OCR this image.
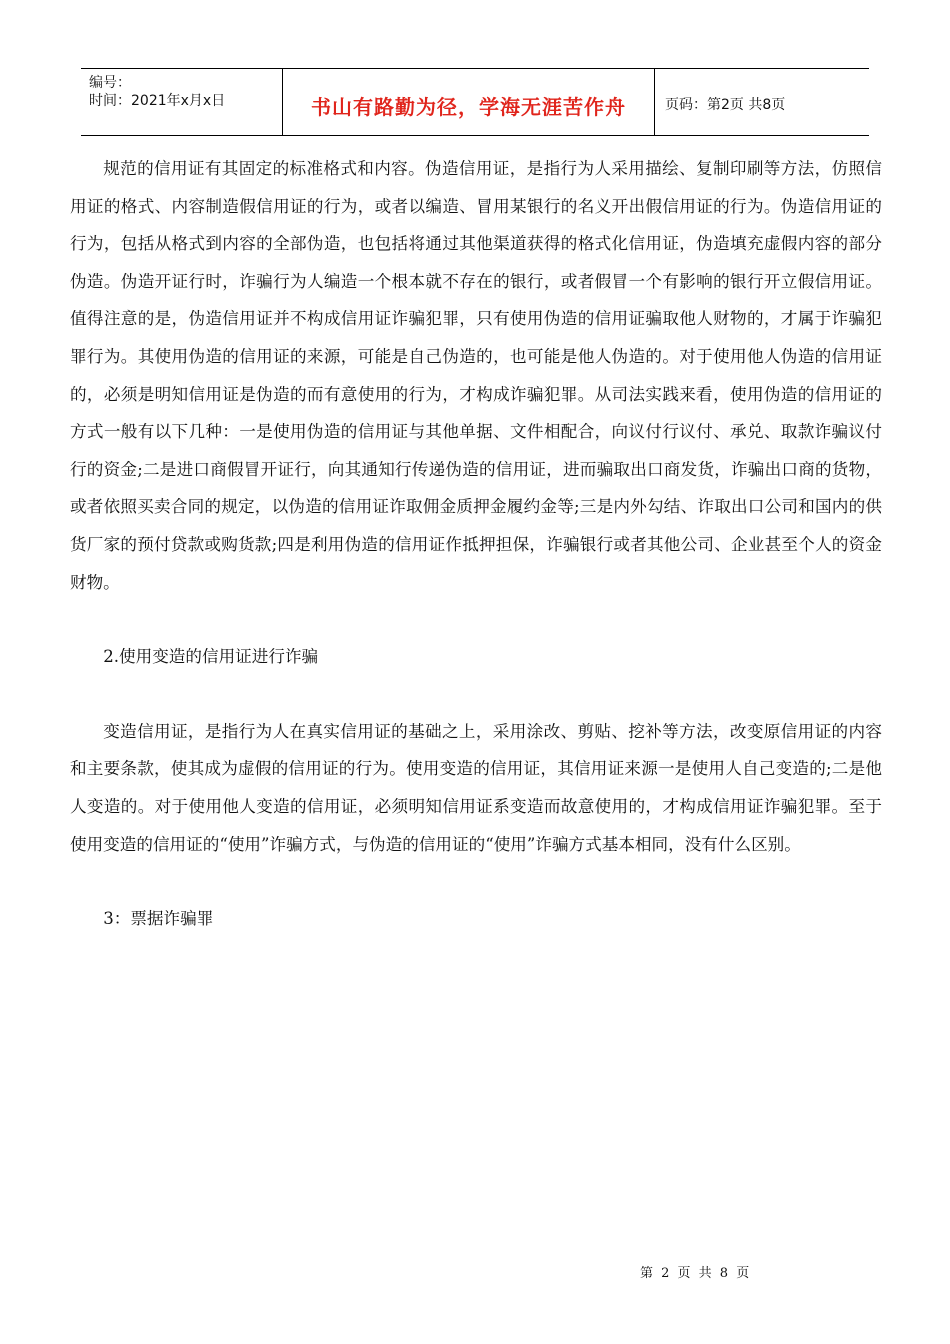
编号：
时间：2021年x月x日	书山有路勤为径，学海无涯苦作舟	页码：第2页 共8页

规范的信用证有其固定的标准格式和内容。伪造信用证，是指行为人采用描绘、复制印刷等方法，仿照信用证的格式、内容制造假信用证的行为，或者以编造、冒用某银行的名义开出假信用证的行为。伪造信用证的行为，包括从格式到内容的全部伪造，也包括将通过其他渠道获得的格式化信用证，伪造填充虚假内容的部分伪造。伪造开证行时，诈骗行为人编造一个根本就不存在的银行，或者假冒一个有影响的银行开立假信用证。值得注意的是，伪造信用证并不构成信用证诈骗犯罪，只有使用伪造的信用证骗取他人财物的，才属于诈骗犯罪行为。其使用伪造的信用证的来源，可能是自己伪造的，也可能是他人伪造的。对于使用他人伪造的信用证的，必须是明知信用证是伪造的而有意使用的行为，才构成诈骗犯罪。从司法实践来看，使用伪造的信用证的方式一般有以下几种：一是使用伪造的信用证与其他单据、文件相配合，向议付行议付、承兑、取款诈骗议付行的资金;二是进口商假冒开证行，向其通知行传递伪造的信用证，进而骗取出口商发货，诈骗出口商的货物，或者依照买卖合同的规定，以伪造的信用证诈取佣金质押金履约金等;三是内外勾结、诈取出口公司和国内的供货厂家的预付贷款或购货款;四是利用伪造的信用证作抵押担保，诈骗银行或者其他公司、企业甚至个人的资金财物。

2.使用变造的信用证进行诈骗

变造信用证，是指行为人在真实信用证的基础之上，采用涂改、剪贴、挖补等方法，改变原信用证的内容和主要条款，使其成为虚假的信用证的行为。使用变造的信用证，其信用证来源一是使用人自己变造的;二是他人变造的。对于使用他人变造的信用证，必须明知信用证系变造而故意使用的，才构成信用证诈骗犯罪。至于使用变造的信用证的“使用”诈骗方式，与伪造的信用证的“使用”诈骗方式基本相同，没有什么区别。

3：票据诈骗罪

第 2 页 共 8 页
